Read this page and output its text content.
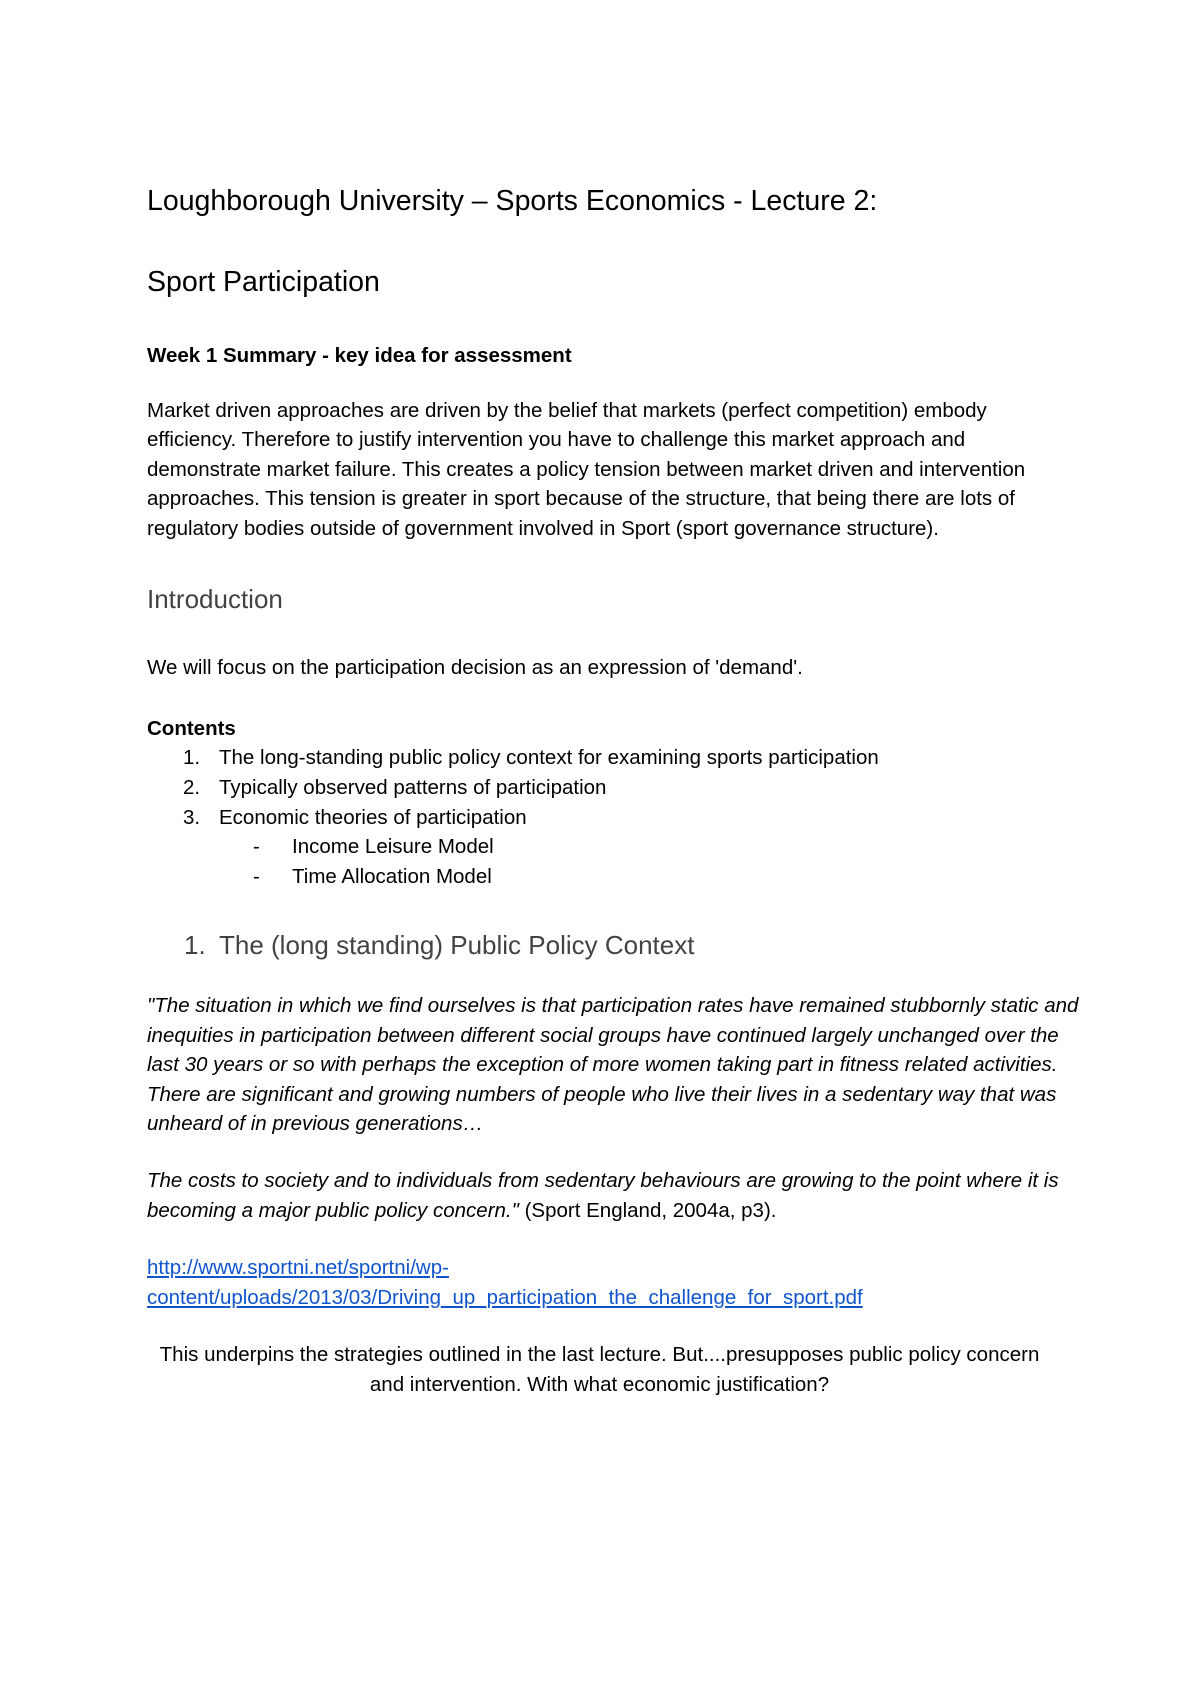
Loughborough University – Sports Economics - Lecture 2:
Sport Participation
Week 1 Summary - key idea for assessment

Market driven approaches are driven by the belief that markets (perfect competition) embody efficiency. Therefore to justify intervention you have to challenge this market approach and demonstrate market failure. This creates a policy tension between market driven and intervention approaches. This tension is greater in sport because of the structure, that being there are lots of regulatory bodies outside of government involved in Sport (sport governance structure).

Introduction

We will focus on the participation decision as an expression of 'demand'.

Contents
1. The long-standing public policy context for examining sports participation
2. Typically observed patterns of participation
3. Economic theories of participation
- Income Leisure Model
- Time Allocation Model
1. The (long standing) Public Policy Context

"The situation in which we find ourselves is that participation rates have remained stubbornly static and inequities in participation between different social groups have continued largely unchanged over the last 30 years or so with perhaps the exception of more women taking part in fitness related activities. There are significant and growing numbers of people who live their lives in a sedentary way that was unheard of in previous generations…

The costs to society and to individuals from sedentary behaviours are growing to the point where it is becoming a major public policy concern." (Sport England, 2004a, p3).

http://www.sportni.net/sportni/wp-
content/uploads/2013/03/Driving_up_participation_the_challenge_for_sport.pdf

This underpins the strategies outlined in the last lecture. But....presupposes public policy concern and intervention. With what economic justification?
